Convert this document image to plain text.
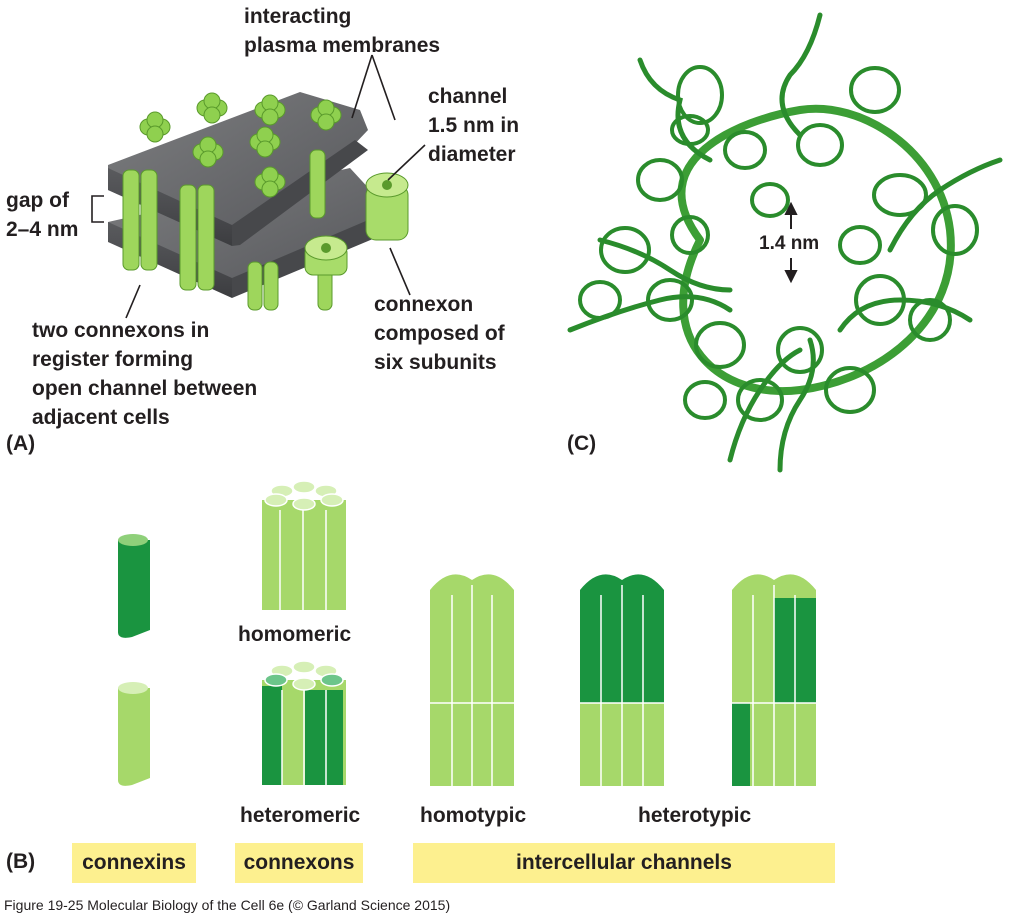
interacting
plasma membranes
channel
1.5 nm in
diameter
gap of
2–4 nm
connexon
composed of
six subunits
two connexons in
register forming
open channel between
adjacent cells
(A)	(C)
(B)
1.4 nm
homomeric
heteromeric	homotypic	heterotypic
connexins	connexons	intercellular channels
Figure 19-25 Molecular Biology of the Cell 6e (© Garland Science 2015)
